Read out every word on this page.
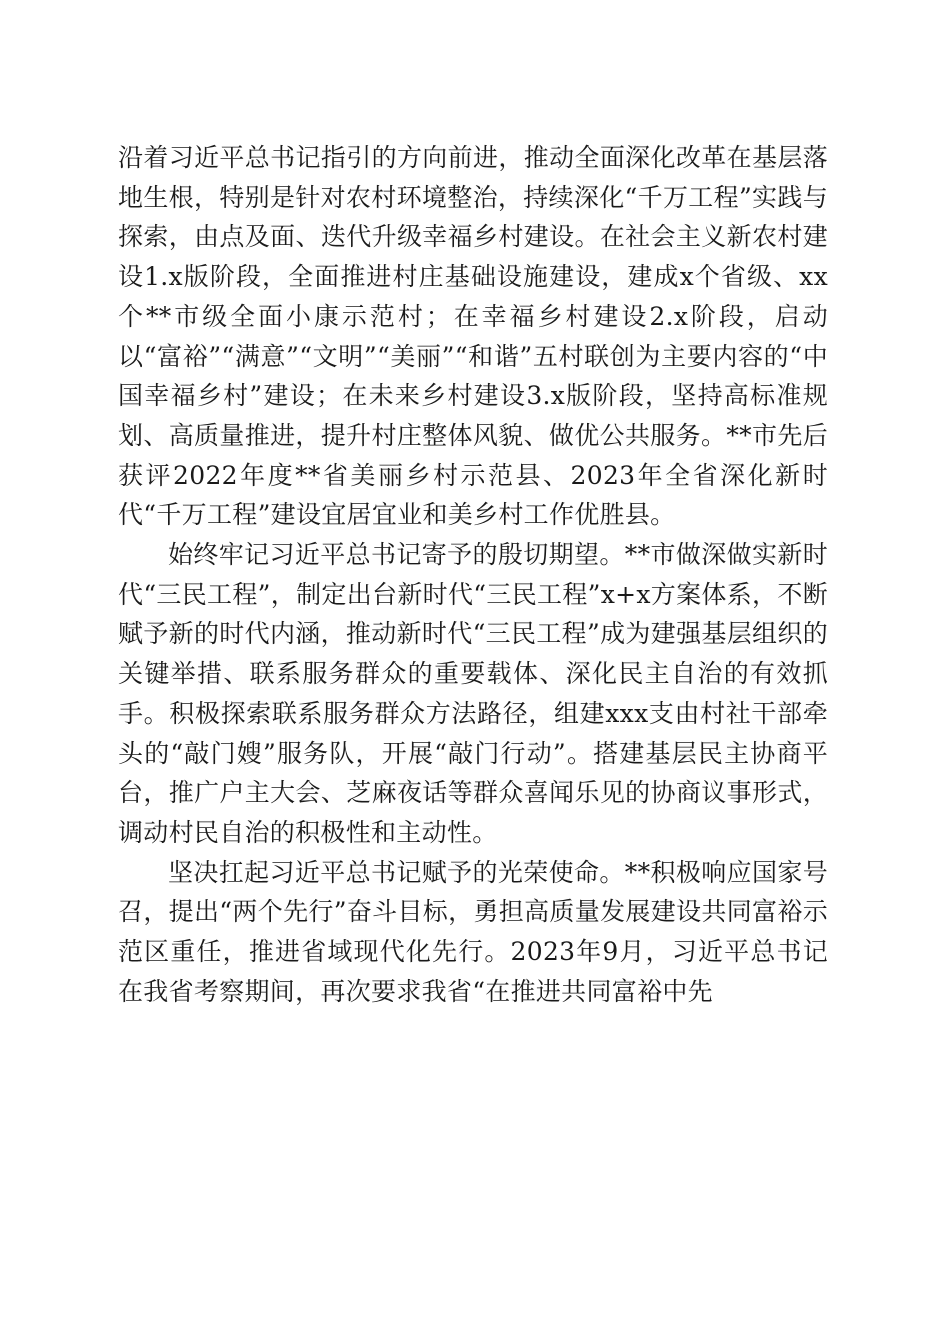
沿着习近平总书记指引的方向前进，推动全面深化改革在基层落地生根，特别是针对农村环境整治，持续深化“千万工程”实践与探索，由点及面、迭代升级幸福乡村建设。在社会主义新农村建设1.x版阶段，全面推进村庄基础设施建设，建成x个省级、xx个**市级全面小康示范村；在幸福乡村建设2.x阶段，启动以“富裕”“满意”“文明”“美丽”“和谐”五村联创为主要内容的“中国幸福乡村”建设；在未来乡村建设3.x版阶段，坚持高标准规划、高质量推进，提升村庄整体风貌、做优公共服务。**市先后获评2022年度**省美丽乡村示范县、2023年全省深化新时代“千万工程”建设宜居宜业和美乡村工作优胜县。

始终牢记习近平总书记寄予的殷切期望。**市做深做实新时代“三民工程”，制定出台新时代“三民工程”x+x方案体系，不断赋予新的时代内涵，推动新时代“三民工程”成为建强基层组织的关键举措、联系服务群众的重要载体、深化民主自治的有效抓手。积极探索联系服务群众方法路径，组建xxx支由村社干部牵头的“敲门嫂”服务队，开展“敲门行动”。搭建基层民主协商平台，推广户主大会、芝麻夜话等群众喜闻乐见的协商议事形式，调动村民自治的积极性和主动性。

坚决扛起习近平总书记赋予的光荣使命。**积极响应国家号召，提出“两个先行”奋斗目标，勇担高质量发展建设共同富裕示范区重任，推进省域现代化先行。2023年9月，习近平总书记在我省考察期间，再次要求我省“在推进共同富裕中先
